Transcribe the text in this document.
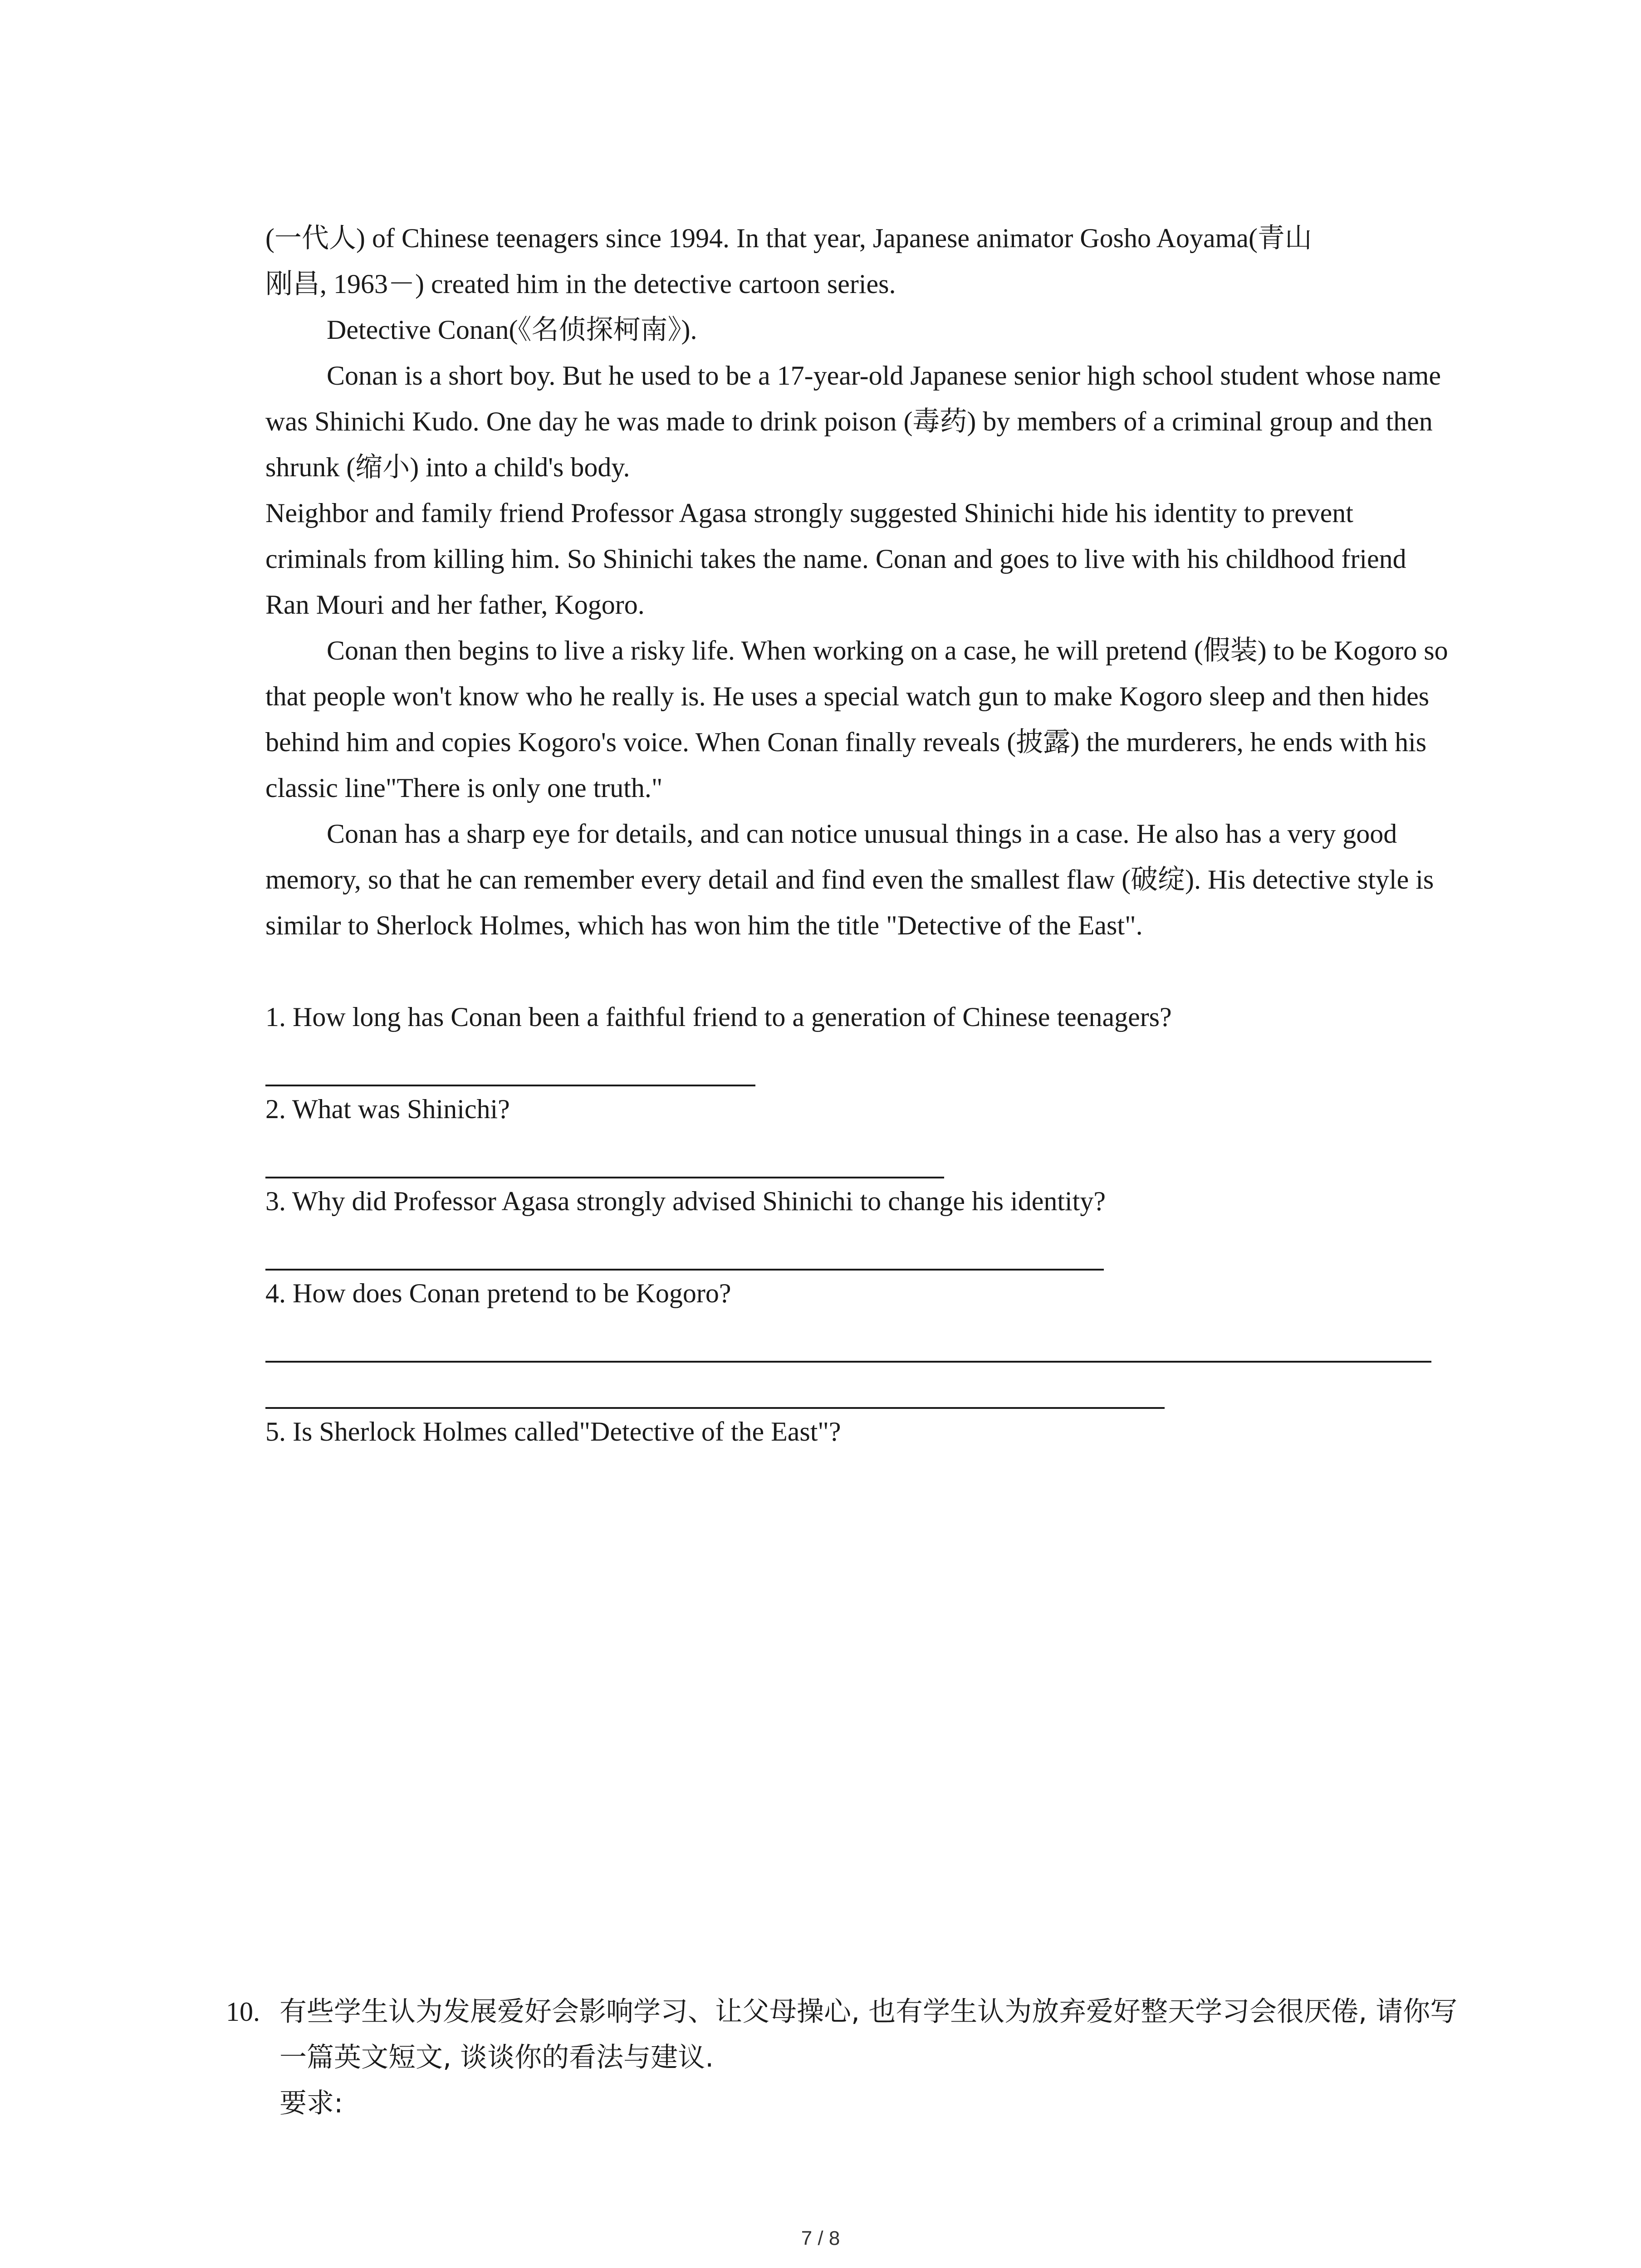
(一代人) of Chinese teenagers since 1994. In that year, Japanese animator Gosho Aoyama(青山

刚昌, 1963－) created him in the detective cartoon series.

Detective Conan(《名侦探柯南》).

Conan is a short boy. But he used to be a 17-year-old Japanese senior high school student whose name was Shinichi Kudo. One day he was made to drink poison (毒药) by members of a criminal group and then shrunk (缩小) into a child's body.

Neighbor and family friend Professor Agasa strongly suggested Shinichi hide his identity to prevent criminals from killing him. So Shinichi takes the name. Conan and goes to live with his childhood friend Ran Mouri and her father, Kogoro.

Conan then begins to live a risky life. When working on a case, he will pretend (假装) to be Kogoro so that people won't know who he really is. He uses a special watch gun to make Kogoro sleep and then hides behind him and copies Kogoro's voice. When Conan finally reveals (披露) the murderers, he ends with his classic line"There is only one truth."

Conan has a sharp eye for details, and can notice unusual things in a case. He also has a very good memory, so that he can remember every detail and find even the smallest flaw (破绽). His detective style is similar to Sherlock Holmes, which has won him the title "Detective of the East".

1. How long has Conan been a faithful friend to a generation of Chinese teenagers?

2. What was Shinichi?

3. Why did Professor Agasa strongly advised Shinichi to change his identity?

4. How does Conan pretend to be Kogoro?

5. Is Sherlock Holmes called"Detective of the East"?

10. 有些学生认为发展爱好会影响学习、让父母操心, 也有学生认为放弃爱好整天学习会很厌倦, 请你写一篇英文短文, 谈谈你的看法与建议.
要求:
7 / 8
